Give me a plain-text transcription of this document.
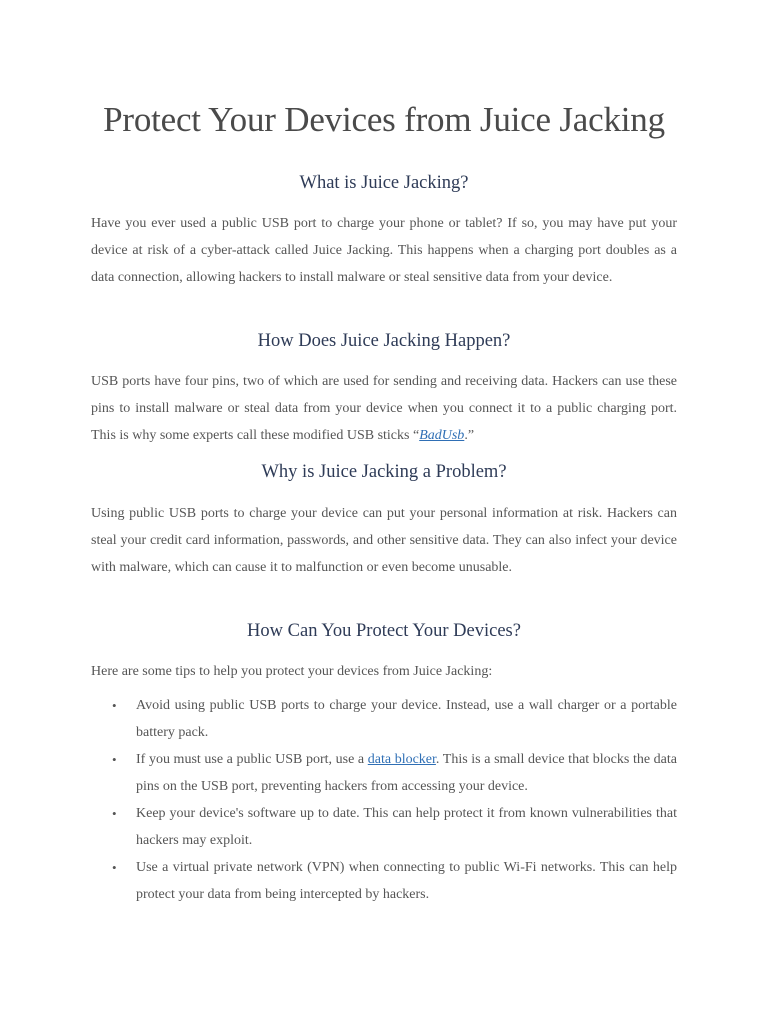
Protect Your Devices from Juice Jacking
What is Juice Jacking?

Have you ever used a public USB port to charge your phone or tablet? If so, you may have put your device at risk of a cyber-attack called Juice Jacking. This happens when a charging port doubles as a data connection, allowing hackers to install malware or steal sensitive data from your device.

How Does Juice Jacking Happen?

USB ports have four pins, two of which are used for sending and receiving data. Hackers can use these pins to install malware or steal data from your device when you connect it to a public charging port. This is why some experts call these modified USB sticks “BadUsb.”

Why is Juice Jacking a Problem?

Using public USB ports to charge your device can put your personal information at risk. Hackers can steal your credit card information, passwords, and other sensitive data. They can also infect your device with malware, which can cause it to malfunction or even become unusable.

How Can You Protect Your Devices?

Here are some tips to help you protect your devices from Juice Jacking:

• Avoid using public USB ports to charge your device. Instead, use a wall charger or a portable battery pack.
• If you must use a public USB port, use a data blocker. This is a small device that blocks the data pins on the USB port, preventing hackers from accessing your device.
• Keep your device's software up to date. This can help protect it from known vulnerabilities that hackers may exploit.
• Use a virtual private network (VPN) when connecting to public Wi-Fi networks. This can help protect your data from being intercepted by hackers.
